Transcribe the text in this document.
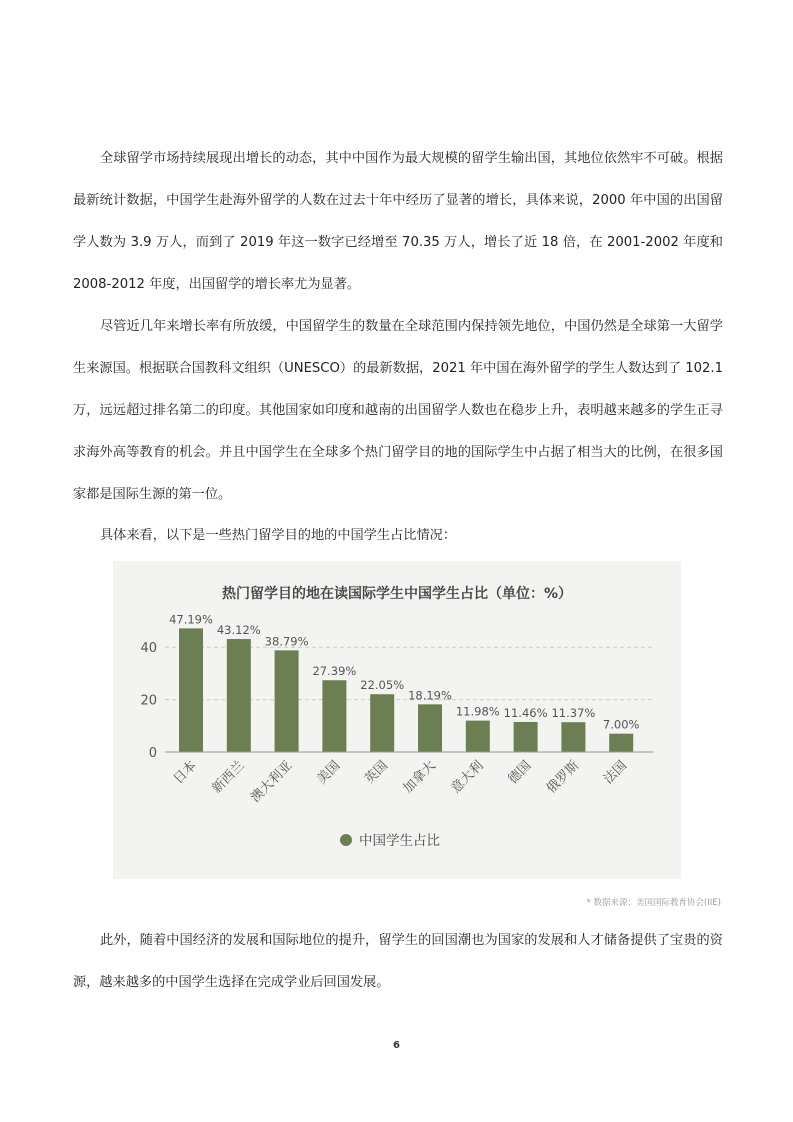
全球留学市场持续展现出增长的动态，其中中国作为最大规模的留学生输出国，其地位依然牢不可破。根据最新统计数据，中国学生赴海外留学的人数在过去十年中经历了显著的增长，具体来说，2000 年中国的出国留学人数为 3.9 万人，而到了 2019 年这一数字已经增至 70.35 万人，增长了近 18 倍，在 2001-2002 年度和 2008-2012 年度，出国留学的增长率尤为显著。

尽管近几年来增长率有所放缓，中国留学生的数量在全球范围内保持领先地位，中国仍然是全球第一大留学生来源国。根据联合国教科文组织（UNESCO）的最新数据，2021 年中国在海外留学的学生人数达到了 102.1 万，远远超过排名第二的印度。其他国家如印度和越南的出国留学人数也在稳步上升，表明越来越多的学生正寻求海外高等教育的机会。并且中国学生在全球多个热门留学目的地的国际学生中占据了相当大的比例，在很多国家都是国际生源的第一位。

具体来看，以下是一些热门留学目的地的中国学生占比情况：

热门留学目的地在读国际学生中国学生占比（单位：%）
0
20
40
47.19%
日本
43.12%
新西兰
38.79%
澳大利亚
27.39%
美国
22.05%
英国
18.19%
加拿大
11.98%
意大利
11.46%
德国
11.37%
俄罗斯
7.00%
法国
中国学生占比
* 数据来源：美国国际教育协会(IIE)

此外，随着中国经济的发展和国际地位的提升，留学生的回国潮也为国家的发展和人才储备提供了宝贵的资源，越来越多的中国学生选择在完成学业后回国发展。

6
